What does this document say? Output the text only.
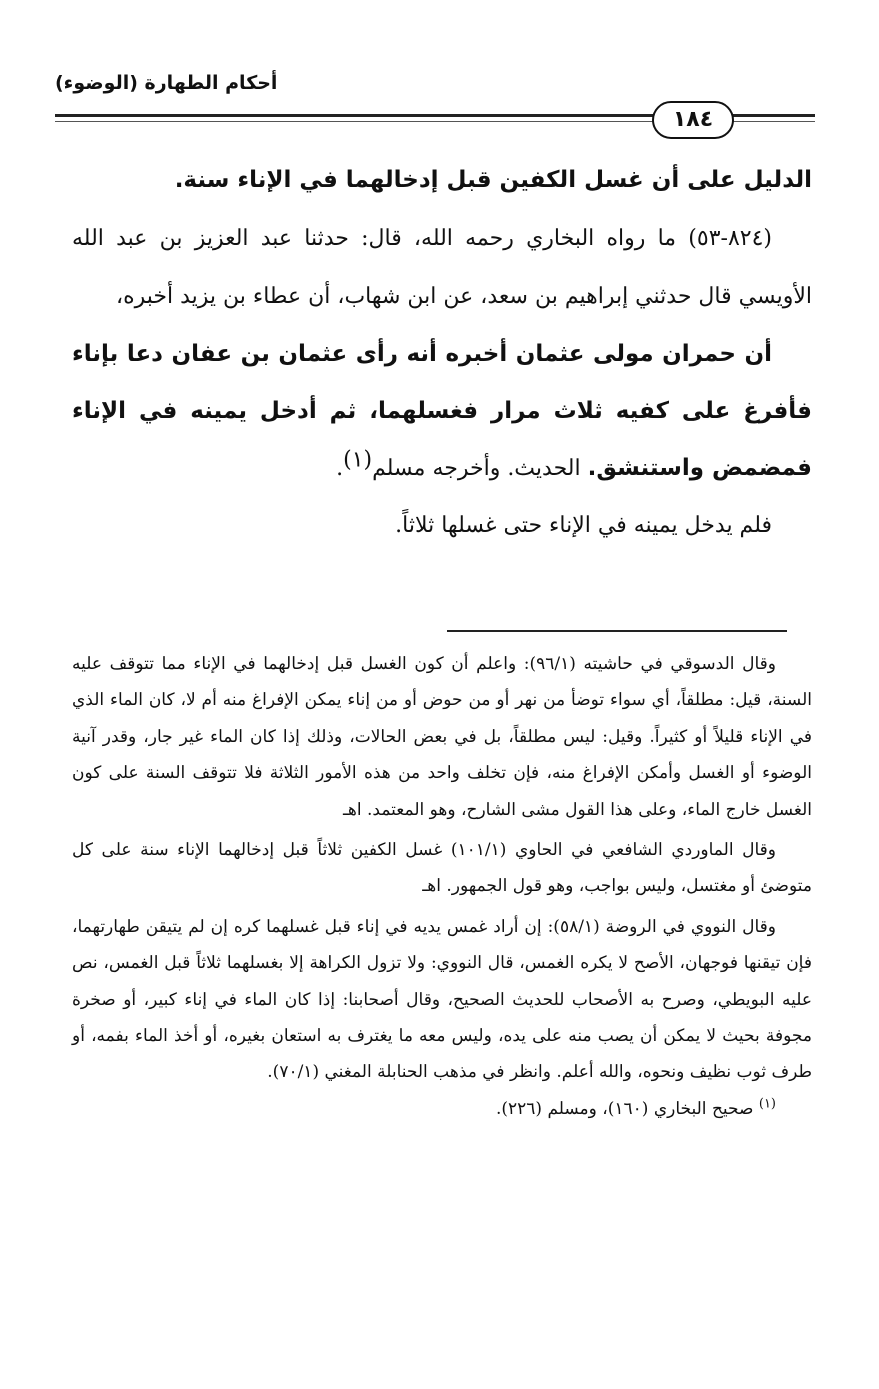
أحكام الطهارة (الوضوء)
١٨٤

الدليل على أن غسل الكفين قبل إدخالهما في الإناء سنة.

(٨٢٤-٥٣) ما رواه البخاري رحمه الله، قال: حدثنا عبد العزيز بن عبد الله الأويسي قال حدثني إبراهيم بن سعد، عن ابن شهاب، أن عطاء بن يزيد أخبره،

أن حمران مولى عثمان أخبره أنه رأى عثمان بن عفان دعا بإناء فأفرغ على كفيه ثلاث مرار فغسلهما، ثم أدخل يمينه في الإناء فمضمض واستنشق. الحديث. وأخرجه مسلم(١).

فلم يدخل يمينه في الإناء حتى غسلها ثلاثاً.

وقال الدسوقي في حاشيته (٩٦/١): واعلم أن كون الغسل قبل إدخالهما في الإناء مما تتوقف عليه السنة، قيل: مطلقاً، أي سواء توضأ من نهر أو من حوض أو من إناء يمكن الإفراغ منه أم لا، كان الماء الذي في الإناء قليلاً أو كثيراً. وقيل: ليس مطلقاً، بل في بعض الحالات، وذلك إذا كان الماء غير جار، وقدر آنية الوضوء أو الغسل وأمكن الإفراغ منه، فإن تخلف واحد من هذه الأمور الثلاثة فلا تتوقف السنة على كون الغسل خارج الماء، وعلى هذا القول مشى الشارح، وهو المعتمد. اهـ

وقال الماوردي الشافعي في الحاوي (١٠١/١) غسل الكفين ثلاثاً قبل إدخالهما الإناء سنة على كل متوضئ أو مغتسل، وليس بواجب، وهو قول الجمهور. اهـ

وقال النووي في الروضة (٥٨/١): إن أراد غمس يديه في إناء قبل غسلهما كره إن لم يتيقن طهارتهما، فإن تيقنها فوجهان، الأصح لا يكره الغمس، قال النووي: ولا تزول الكراهة إلا بغسلهما ثلاثاً قبل الغمس، نص عليه البويطي، وصرح به الأصحاب للحديث الصحيح، وقال أصحابنا: إذا كان الماء في إناء كبير، أو صخرة مجوفة بحيث لا يمكن أن يصب منه على يده، وليس معه ما يغترف به استعان بغيره، أو أخذ الماء بفمه، أو طرف ثوب نظيف ونحوه، والله أعلم. وانظر في مذهب الحنابلة المغني (٧٠/١).

$^{(١)}$ صحيح البخاري (١٦٠)، ومسلم (٢٢٦).
